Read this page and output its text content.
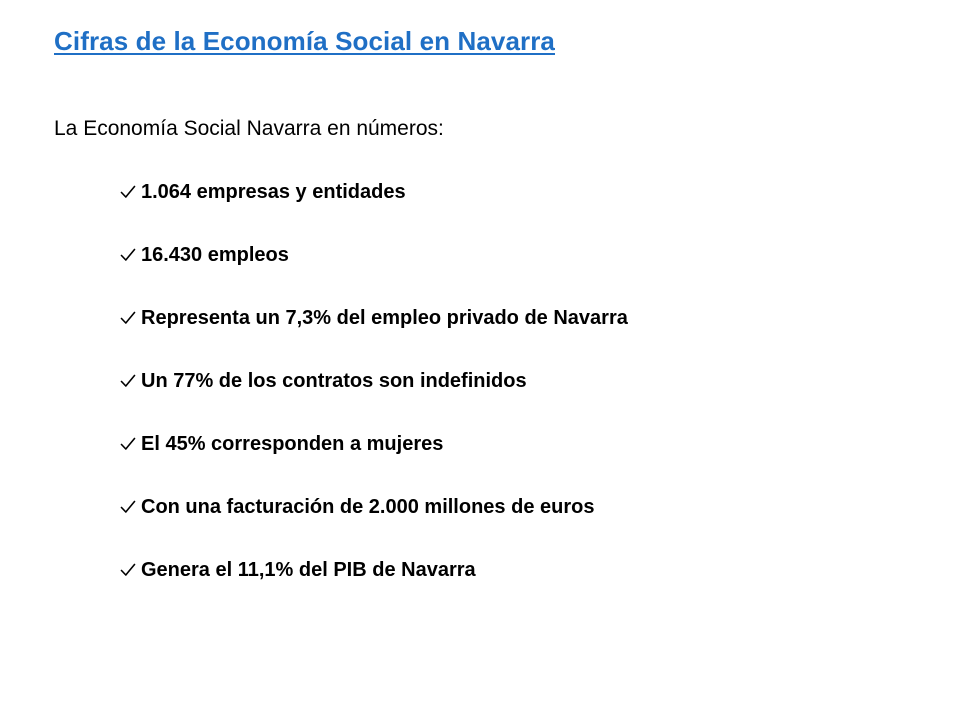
Cifras de la Economía Social en Navarra
La Economía Social Navarra en números:
1.064 empresas y entidades
16.430 empleos
Representa un 7,3% del empleo privado de Navarra
Un 77% de los contratos son indefinidos
El 45% corresponden a mujeres
Con una facturación de 2.000 millones de euros
Genera el 11,1% del PIB de Navarra
